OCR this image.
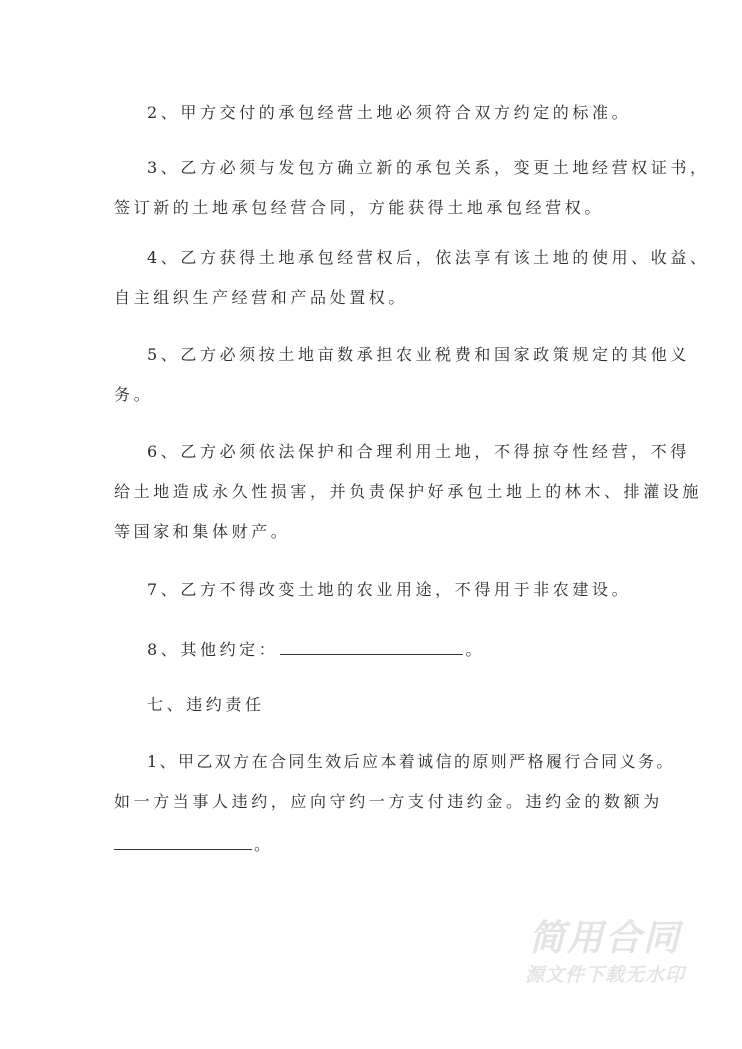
2、甲方交付的承包经营土地必须符合双方约定的标准。
3、乙方必须与发包方确立新的承包关系，变更土地经营权证书，
签订新的土地承包经营合同，方能获得土地承包经营权。
4、乙方获得土地承包经营权后，依法享有该土地的使用、收益、
自主组织生产经营和产品处置权。
5、乙方必须按土地亩数承担农业税费和国家政策规定的其他义
务。
6、乙方必须依法保护和合理利用土地，不得掠夺性经营，不得
给土地造成永久性损害，并负责保护好承包土地上的林木、排灌设施
等国家和集体财产。
7、乙方不得改变土地的农业用途，不得用于非农建设。
8、其他约定：	。
七、违约责任
1、甲乙双方在合同生效后应本着诚信的原则严格履行合同义务。
如一方当事人违约，应向守约一方支付违约金。违约金的数额为
。
简用合同
源文件下载无水印
